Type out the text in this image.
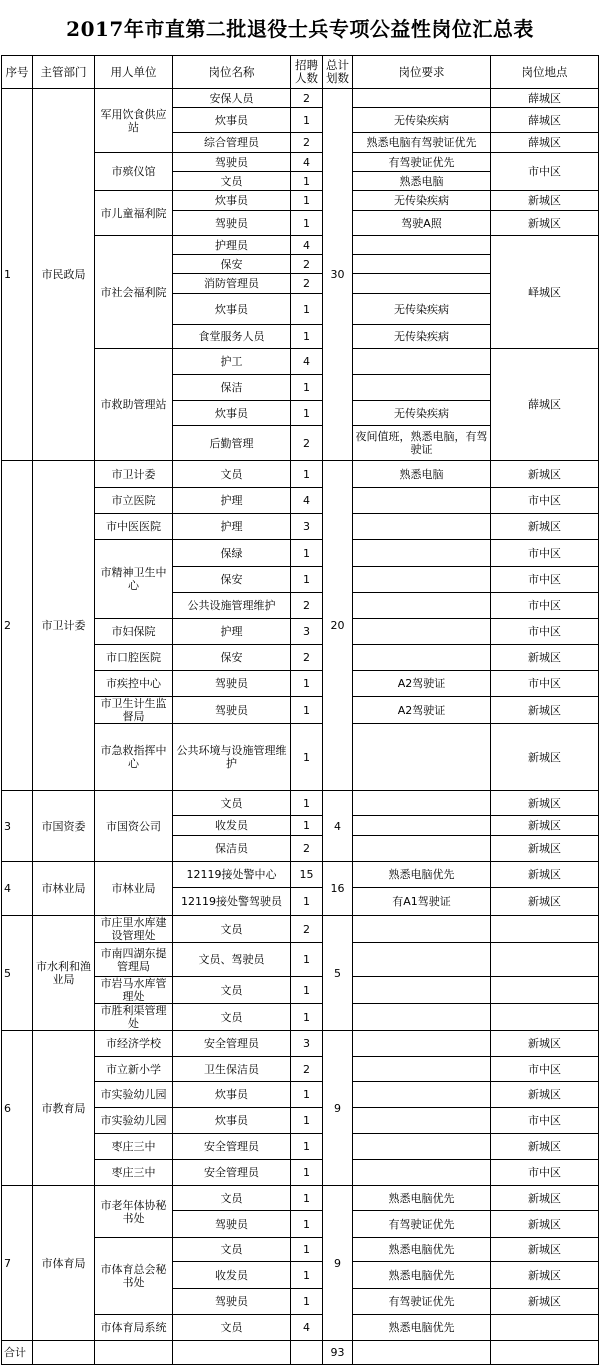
2017年市直第二批退役士兵专项公益性岗位汇总表
序号	主管部门	用人单位	岗位名称	招聘人数	总计划数	岗位要求	岗位地点
1	市民政局	军用饮食供应站	安保人员	2	30		薛城区
			炊事员	1		无传染疾病	薛城区
			综合管理员	2		熟悉电脑有驾驶证优先	薛城区
		市殡仪馆	驾驶员	4		有驾驶证优先	市中区
			文员	1		熟悉电脑	
		市儿童福利院	炊事员	1		无传染疾病	新城区
			驾驶员	1		驾驶A照	新城区
		市社会福利院	护理员	4			峄城区
			保安	2			
			消防管理员	2			
			炊事员	1		无传染疾病	
			食堂服务人员	1		无传染疾病	
		市救助管理站	护工	4			薛城区
			保洁	1			
			炊事员	1		无传染疾病	
			后勤管理	2		夜间值班，熟悉电脑，有驾驶证	
2	市卫计委	市卫计委	文员	1	20	熟悉电脑	新城区
		市立医院	护理	4			市中区
		市中医医院	护理	3			新城区
		市精神卫生中心	保绿	1			市中区
			保安	1			市中区
			公共设施管理维护	2			市中区
		市妇保院	护理	3			市中区
		市口腔医院	保安	2			新城区
		市疾控中心	驾驶员	1		A2驾驶证	市中区
		市卫生计生监督局	驾驶员	1		A2驾驶证	新城区
		市急救指挥中心	公共环境与设施管理维护	1			新城区
3	市国资委	市国资公司	文员	1	4		新城区
			收发员	1			新城区
			保洁员	2			新城区
4	市林业局	市林业局	12119接处警中心	15	16	熟悉电脑优先	新城区
			12119接处警驾驶员	1		有A1驾驶证	新城区
5	市水利和渔业局	市庄里水库建设管理处	文员	2	5		
		市南四湖东提管理局	文员、驾驶员	1			
		市岩马水库管理处	文员	1			
		市胜利渠管理处	文员	1			
6	市教育局	市经济学校	安全管理员	3	9		新城区
		市立新小学	卫生保洁员	2			市中区
		市实验幼儿园	炊事员	1			新城区
		市实验幼儿园	炊事员	1			市中区
		枣庄三中	安全管理员	1			新城区
		枣庄三中	安全管理员	1			市中区
7	市体育局	市老年体协秘书处	文员	1	9	熟悉电脑优先	新城区
			驾驶员	1		有驾驶证优先	新城区
		市体育总会秘书处	文员	1		熟悉电脑优先	新城区
			收发员	1		熟悉电脑优先	新城区
			驾驶员	1		有驾驶证优先	新城区
		市体育局系统	文员	4		熟悉电脑优先	
合计					93		
